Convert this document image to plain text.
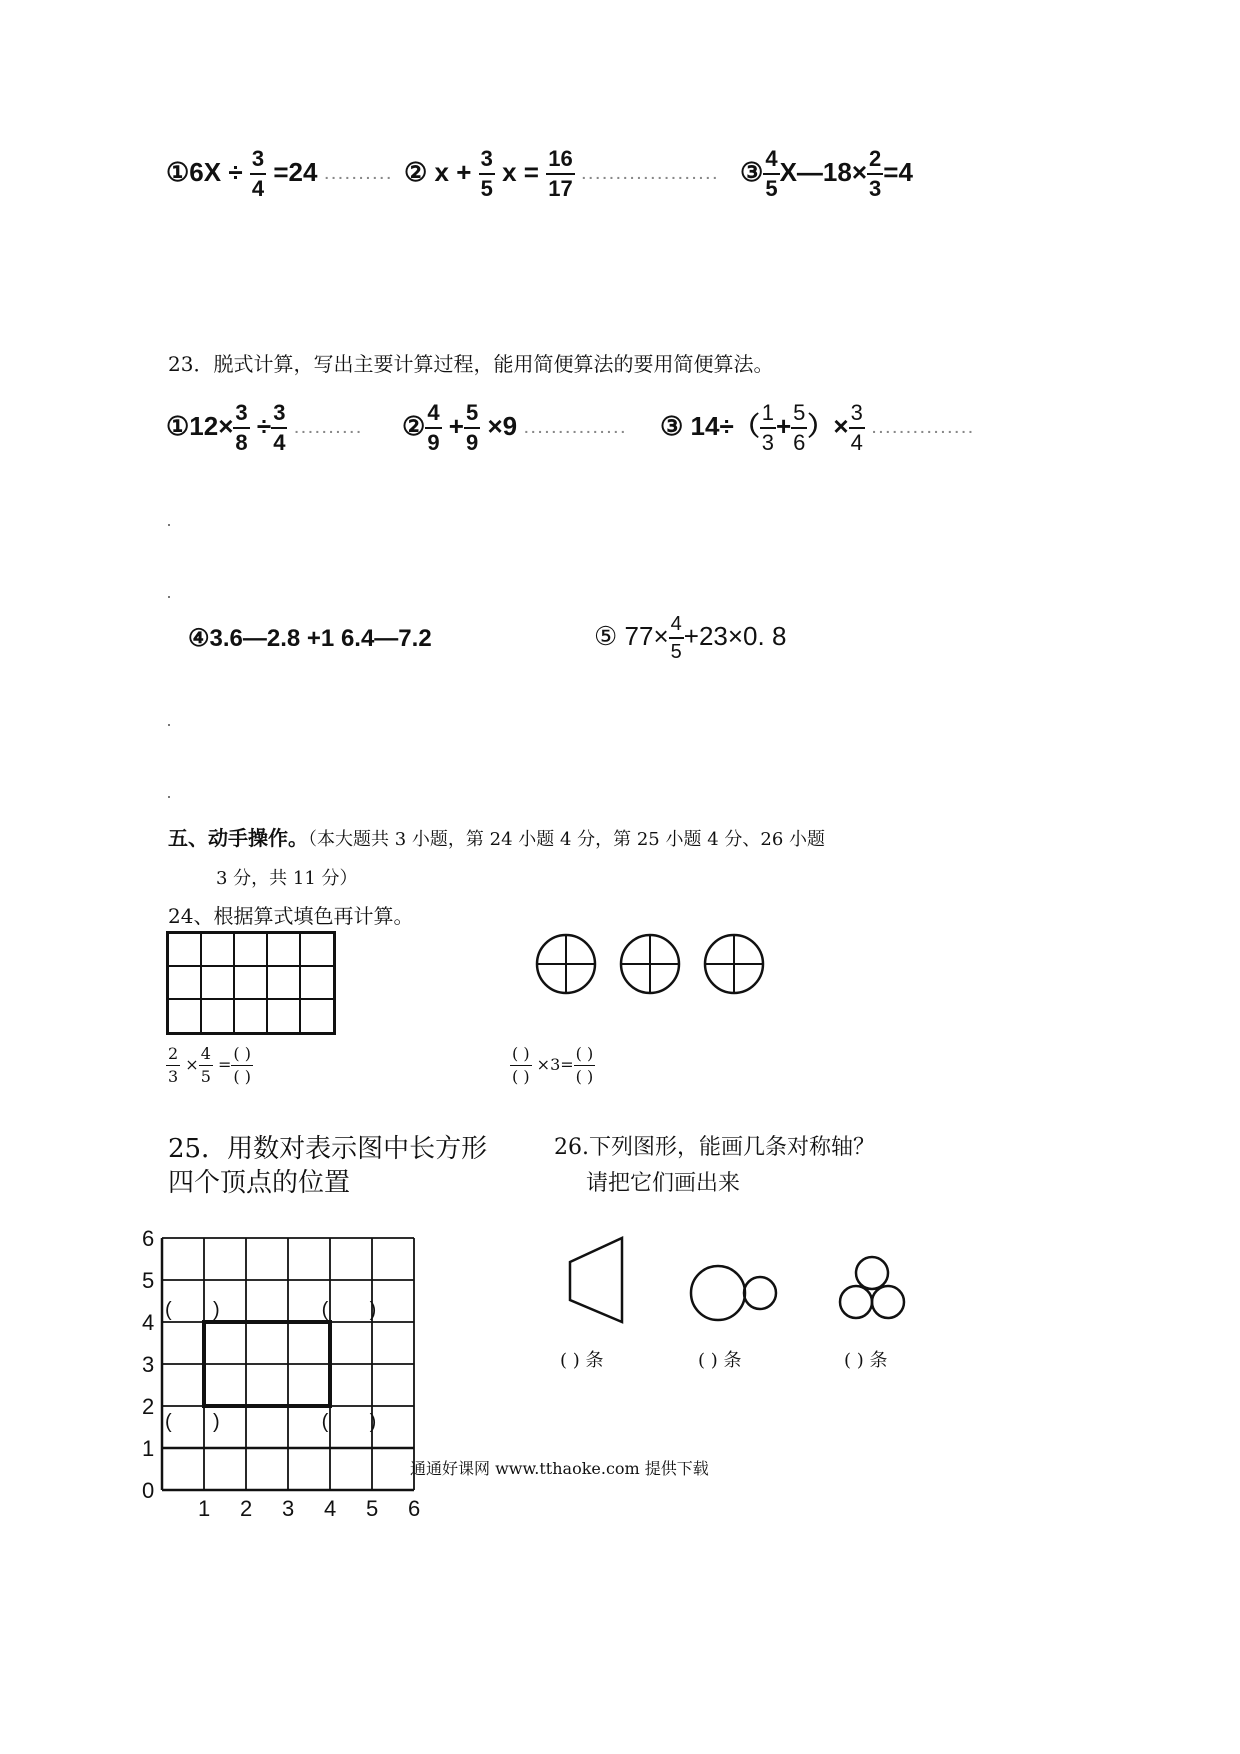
①6X ÷ $\frac{3}{4} =24$ .......... ② $x + \frac{3}{5}$ $x = \frac{16}{17}$ .................... ③ $\frac{4}{5}$ X—18× $\frac{2}{3} =4$
23．脱式计算，写出主要计算过程，能用简便算法的要用简便算法。
①12× $\frac{3}{8} \div \frac{3}{4}$ .......... ② $\frac{4}{9} + \frac{5}{9} \times 9$ ............... ③ $14\div( \frac{1}{3} + \frac{5}{6}$ ）× $\frac{3}{4}$ ...............
④3.6—2.8 +1 6.4—7.2	⑤ $77\times \frac{4}{5} +23\times 0$. 8
五、动手操作。（本大题共 3 小题，第 24 小题 4 分，第 25 小题 4 分、26 小题
3 分，共 11 分）
24、根据算式填色再计算。
$\frac{2}{3} \times \frac{4}{5} = \frac{( )}{( )}$	$\frac{( )}{( )} \times 3= \frac{( )}{( )}$
25．用数对表示图中长方形
四个顶点的位置
0
1
2
3
4
5
6
1 2 3 4 5 6
( )	( )
( )	( )
26.下列图形，能画几条对称轴？
请把它们画出来
( ) 条	( ) 条	( ) 条
通通好课网 www.tthaoke.com 提供下载
